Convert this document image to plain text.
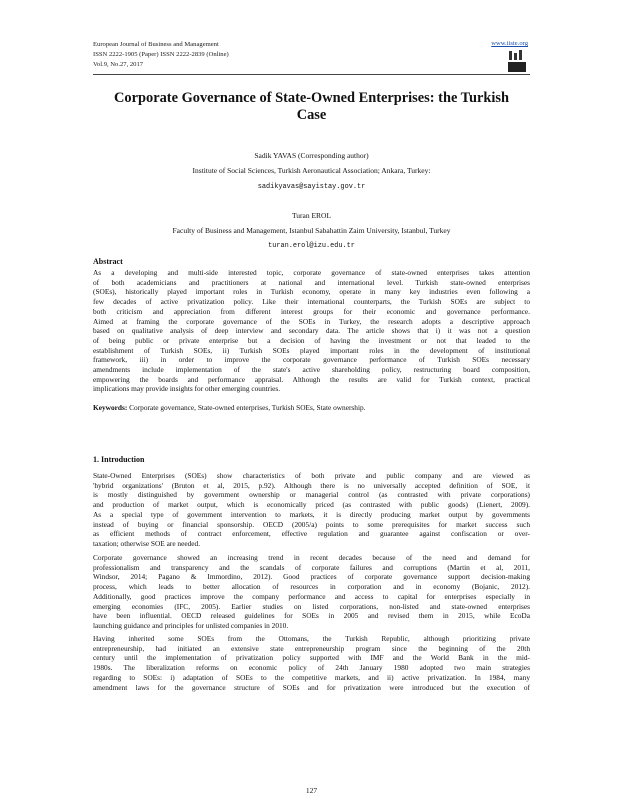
European Journal of Business and Management
ISSN 2222-1905 (Paper) ISSN 2222-2839 (Online)
Vol.9, No.27, 2017
www.iiste.org
Corporate Governance of State-Owned Enterprises: the Turkish
Case
Sadik YAVAS (Corresponding author)
Institute of Social Sciences, Turkish Aeronautical Association; Ankara, Turkey:
sadikyavas@sayistay.gov.tr
Turan EROL
Faculty of Business and Management, Istanbul Sabahattin Zaim University, Istanbul, Turkey
turan.erol@izu.edu.tr
Abstract
As a developing and multi-side interested topic, corporate governance of state-owned enterprises takes attention
of both academicians and practitioners at national and international level. Turkish state-owned enterprises
(SOEs), historically played important roles in Turkish economy, operate in many key industries even following a
few decades of active privatization policy. Like their international counterparts, the Turkish SOEs are subject to
both criticism and appreciation from different interest groups for their economic and governance performance.
Aimed at framing the corporate governance of the SOEs in Turkey, the research adopts a descriptive approach
based on qualitative analysis of deep interview and secondary data. The article shows that i) it was not a question
of being public or private enterprise but a decision of having the investment or not that leaded to the
establishment of Turkish SOEs, ii) Turkish SOEs played important roles in the development of institutional
framework, iii) in order to improve the corporate governance performance of Turkish SOEs necessary
amendments include implementation of the state's active shareholding policy, restructuring board composition,
empowering the boards and performance appraisal. Although the results are valid for Turkish context, practical
implications may provide insights for other emerging countries.
Keywords: Corporate governance, State-owned enterprises, Turkish SOEs, State ownership.
1. Introduction
State-Owned Enterprises (SOEs) show characteristics of both private and public company and are viewed as
'hybrid organizations' (Bruton et al, 2015, p.92). Although there is no universally accepted definition of SOE, it
is mostly distinguished by government ownership or managerial control (as contrasted with private corporations)
and production of market output, which is economically priced (as contrasted with public goods) (Lienert, 2009).
As a special type of government intervention to markets, it is directly producing market output by governments
instead of buying or financial sponsorship. OECD (2005/a) points to some prerequisites for market success such
as efficient methods of contract enforcement, effective regulation and guarantee against confiscation or over-
taxation; otherwise SOE are needed.
Corporate governance showed an increasing trend in recent decades because of the need and demand for
professionalism and transparency and the scandals of corporate failures and corruptions (Martin et al, 2011,
Windsor, 2014; Pagano & Immordino, 2012). Good practices of corporate governance support decision-making
process, which leads to better allocation of resources in corporation and in economy (Bojanic, 2012).
Additionally, good practices improve the company performance and access to capital for enterprises especially in
emerging economies (IFC, 2005). Earlier studies on listed corporations, non-listed and state-owned enterprises
have been influential. OECD released guidelines for SOEs in 2005 and revised them in 2015, while EcoDa
launching guidance and principles for unlisted companies in 2010.
Having inherited some SOEs from the Ottomans, the Turkish Republic, although prioritizing private
entrepreneurship, had initiated an extensive state entrepreneurship program since the beginning of the 20th
century until the implementation of privatization policy supported with IMF and the World Bank in the mid-
1980s. The liberalization reforms on economic policy of 24th January 1980 adopted two main strategies
regarding to SOEs: i) adaptation of SOEs to the competitive markets, and ii) active privatization. In 1984, many
amendment laws for the governance structure of SOEs and for privatization were introduced but the execution of
127
